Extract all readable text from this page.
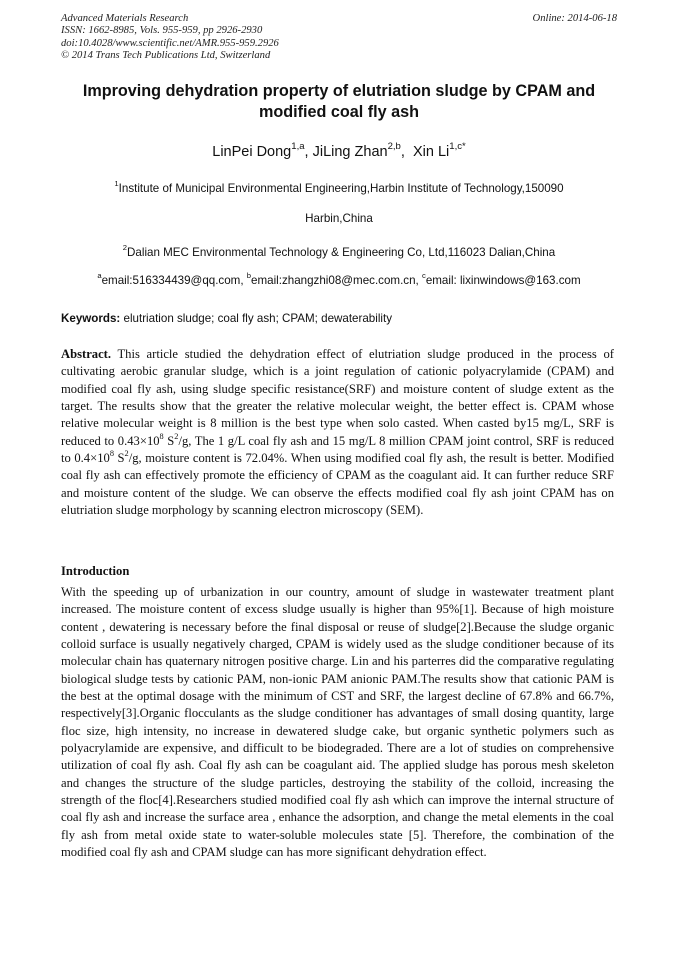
Advanced Materials Research
ISSN: 1662-8985, Vols. 955-959, pp 2926-2930
doi:10.4028/www.scientific.net/AMR.955-959.2926
© 2014 Trans Tech Publications Ltd, Switzerland
Online: 2014-06-18
Improving dehydration property of elutriation sludge by CPAM and
modified coal fly ash
LinPei Dong$^{1,a}$, JiLing Zhan$^{2,b}$,  Xin $Li^{1,c*}$
$^1$Institute of Municipal Environmental Engineering,Harbin Institute of Technology,150090
Harbin,China
$^2$Dalian MEC Environmental Technology & Engineering Co, Ltd,116023 Dalian,China
$^a$email:516334439@qq.com, $^b$email:zhangzhi08@mec.com.cn, $^c$email: lixinwindows@163.com
Keywords: elutriation sludge; coal fly ash; CPAM; dewaterability
Abstract. This article studied the dehydration effect of elutriation sludge produced in the process of cultivating aerobic granular sludge, which is a joint regulation of cationic polyacrylamide (CPAM) and modified coal fly ash, using sludge specific resistance(SRF) and moisture content of sludge extent as the target. The results show that the greater the relative molecular weight, the better effect is. CPAM whose relative molecular weight is 8 million is the best type when solo casted. When casted by15 mg/L, SRF is reduced to $0.43\times 10^8$ $S^2/g$, The 1 g/L coal fly ash and 15 mg/L 8 million CPAM joint control, SRF is reduced to $0.4\times 10^8$ $S^2/g$, moisture content is 72.04%. When using modified coal fly ash, the result is better. Modified coal fly ash can effectively promote the efficiency of CPAM as the coagulant aid. It can further reduce SRF and moisture content of the sludge. We can observe the effects modified coal fly ash joint CPAM has on elutriation sludge morphology by scanning electron microscopy (SEM).
Introduction
With the speeding up of urbanization in our country, amount of sludge in wastewater treatment plant increased. The moisture content of excess sludge usually is higher than 95%[1]. Because of high moisture content , dewatering is necessary before the final disposal or reuse of sludge[2].Because the sludge organic colloid surface is usually negatively charged, CPAM is widely used as the sludge conditioner because of its molecular chain has quaternary nitrogen positive charge. Lin and his parterres did the comparative regulating biological sludge tests by cationic PAM, non-ionic PAM anionic PAM.The results show that cationic PAM is the best at the optimal dosage with the minimum of CST and SRF, the largest decline of 67.8% and 66.7%, respectively[3].Organic flocculants as the sludge conditioner has advantages of small dosing quantity, large floc size, high intensity, no increase in dewatered sludge cake, but organic synthetic polymers such as polyacrylamide are expensive, and difficult to be biodegraded. There are a lot of studies on comprehensive utilization of coal fly ash. Coal fly ash can be coagulant aid. The applied sludge has porous mesh skeleton and changes the structure of the sludge particles, destroying the stability of the colloid, increasing the strength of the floc[4].Researchers studied modified coal fly ash which can improve the internal structure of coal fly ash and increase the surface area , enhance the adsorption, and change the metal elements in the coal fly ash from metal oxide state to water-soluble molecules state [5]. Therefore, the combination of the modified coal fly ash and CPAM sludge can has more significant dehydration effect.
